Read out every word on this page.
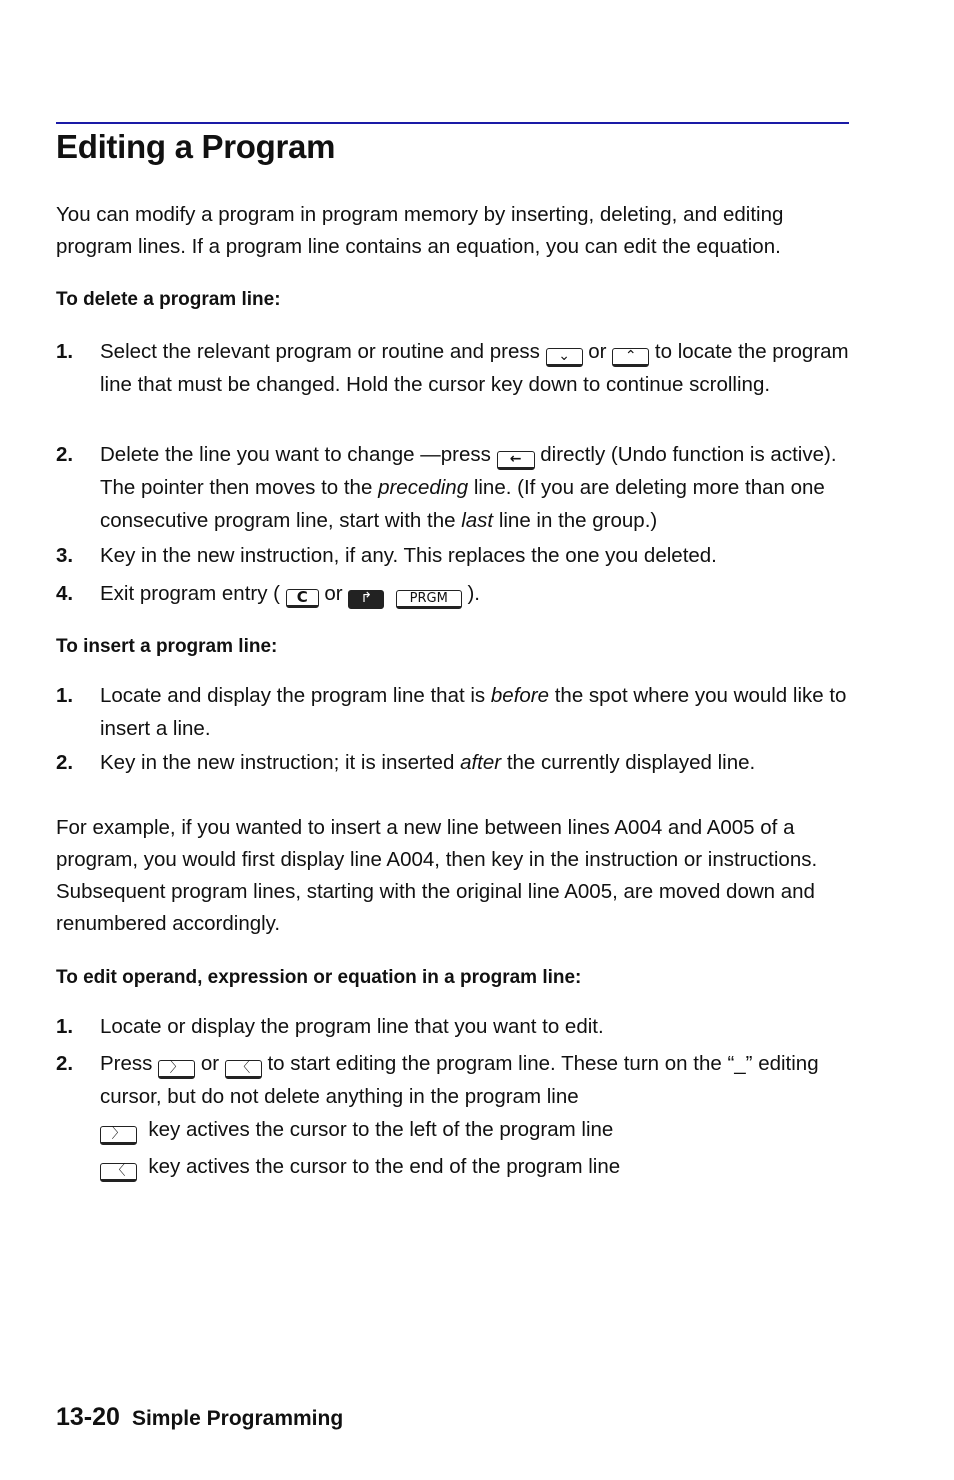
Editing a Program

You can modify a program in program memory by inserting, deleting, and editing program lines. If a program line contains an equation, you can edit the equation.

To delete a program line:

1. Select the relevant program or routine and press ⌄ or ⌃ to locate the program line that must be changed. Hold the cursor key down to continue scrolling.
2. Delete the line you want to change —press ← directly (Undo function is active). The pointer then moves to the preceding line. (If you are deleting more than one consecutive program line, start with the last line in the group.)
3. Key in the new instruction, if any. This replaces the one you deleted.
4. Exit program entry ( C or ↱	PRGM ).

To insert a program line:

1. Locate and display the program line that is before the spot where you would like to insert a line.
2. Key in the new instruction; it is inserted after the currently displayed line.

For example, if you wanted to insert a new line between lines A004 and A005 of a program, you would first display line A004, then key in the instruction or instructions. Subsequent program lines, starting with the original line A005, are moved down and renumbered accordingly.

To edit operand, expression or equation in a program line:

1. Locate or display the program line that you want to edit.
2. Press 〉 or 〈 to start editing the program line. These turn on the “_” editing cursor, but do not delete anything in the program line
〉 key actives the cursor to the left of the program line
〈 key actives the cursor to the end of the program line
13-20 Simple Programming
